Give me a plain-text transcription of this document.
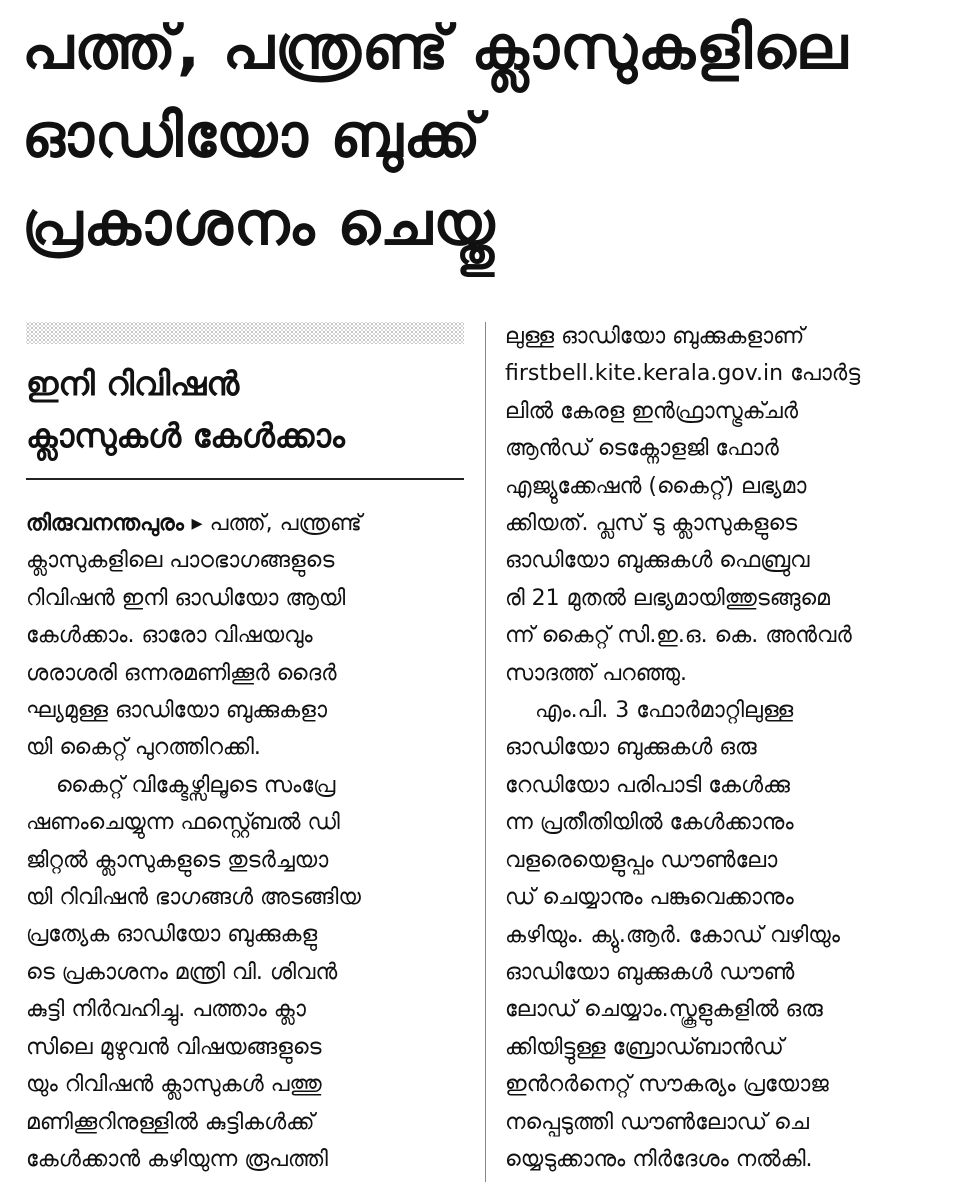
പത്ത്, പന്ത്രണ്ട് ക്ലാസുകളിലെ
ഓഡിയോ ബുക്ക്
പ്രകാശനം ചെയ്തു
ഇനി റിവിഷൻ
ക്ലാസുകൾ കേൾക്കാം
തിരുവനന്തപുരം ▸ പത്ത്, പന്ത്രണ്ട്
ക്ലാസുകളിലെ പാഠഭാഗങ്ങളുടെ
റിവിഷൻ ഇനി ഓഡിയോ ആയി
കേൾക്കാം. ഓരോ വിഷയവും
ശരാശരി ഒന്നരമണിക്കൂർ ദൈർ
ഘ്യമുള്ള ഓഡിയോ ബുക്കുകളാ
യി കൈറ്റ് പുറത്തിറക്കി.
കൈറ്റ് വിക്ടേഴ്സിലൂടെ സംപ്രേ
ഷണംചെയ്യുന്ന ഫസ്റ്റ്ബെൽ ഡി
ജിറ്റൽ ക്ലാസുകളുടെ തുടർച്ചയാ
യി റിവിഷൻ ഭാഗങ്ങൾ അടങ്ങിയ
പ്രത്യേക ഓഡിയോ ബുക്കുകളു
ടെ പ്രകാശനം മന്ത്രി വി. ശിവൻ
കുട്ടി നിർവഹിച്ചു. പത്താം ക്ലാ
സിലെ മുഴുവൻ വിഷയങ്ങളുടെ
യും റിവിഷൻ ക്ലാസുകൾ പത്തു
മണിക്കൂറിനുള്ളിൽ കുട്ടികൾക്ക്
കേൾക്കാൻ കഴിയുന്ന രൂപത്തി
ലുള്ള ഓഡിയോ ബുക്കുകളാണ്
firstbell.kite.kerala.gov.in പോർട്ട
ലിൽ കേരള ഇൻഫ്രാസ്ട്രക്ചർ
ആൻഡ് ടെക്നോളജി ഫോർ
എജ്യുക്കേഷൻ (കൈറ്റ്) ലഭ്യമാ
ക്കിയത്. പ്ലസ് ടു ക്ലാസുകളുടെ
ഓഡിയോ ബുക്കുകൾ ഫെബ്രുവ
രി 21 മുതൽ ലഭ്യമായിത്തുടങ്ങുമെ
ന്ന് കൈറ്റ് സി.ഇ.ഒ. കെ. അൻവർ
സാദത്ത് പറഞ്ഞു.
എം.പി. 3 ഫോർമാറ്റിലുള്ള
ഓഡിയോ ബുക്കുകൾ ഒരു
റേഡിയോ പരിപാടി കേൾക്കു
ന്ന പ്രതീതിയിൽ കേൾക്കാനും
വളരെയെളുപ്പം ഡൗൺലോ
ഡ് ചെയ്യാനും പങ്കുവെക്കാനും
കഴിയും. ക്യു.ആർ. കോഡ് വഴിയും
ഓഡിയോ ബുക്കുകൾ ഡൗൺ
ലോഡ് ചെയ്യാം.സ്കൂളുകളിൽ ഒരു
ക്കിയിട്ടുള്ള ബ്രോഡ്ബാൻഡ്
ഇൻറർനെറ്റ് സൗകര്യം പ്രയോജ
നപ്പെടുത്തി ഡൗൺലോഡ് ചെ
യ്യെടുക്കാനും നിർദേശം നൽകി.
